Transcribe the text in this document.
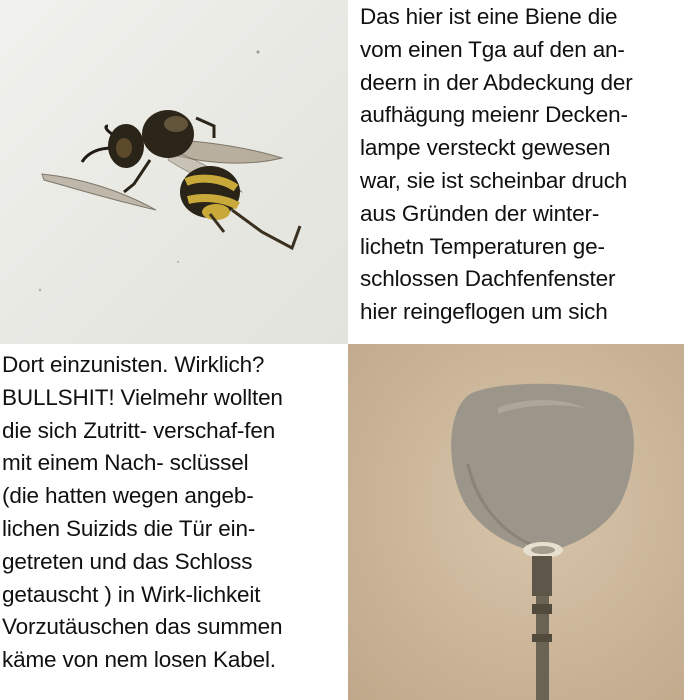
Das hier ist eine Biene die
vom einen Tga auf den an-
deern in der Abdeckung der
aufhägung meienr Decken-
lampe versteckt gewesen
war, sie ist scheinbar druch
aus Gründen der winter-
lichetn Temperaturen ge-
schlossen Dachfenfenster
hier reingeflogen um sich
Dort einzunisten. Wirklich?
BULLSHIT! Vielmehr wollten
die sich Zutritt- verschaf-fen
mit einem Nach- sclüssel
(die hatten wegen angeb-
lichen Suizids die Tür ein-
getreten und das Schloss
getauscht ) in Wirk-lichkeit
Vorzutäuschen das summen
käme von nem losen Kabel.
